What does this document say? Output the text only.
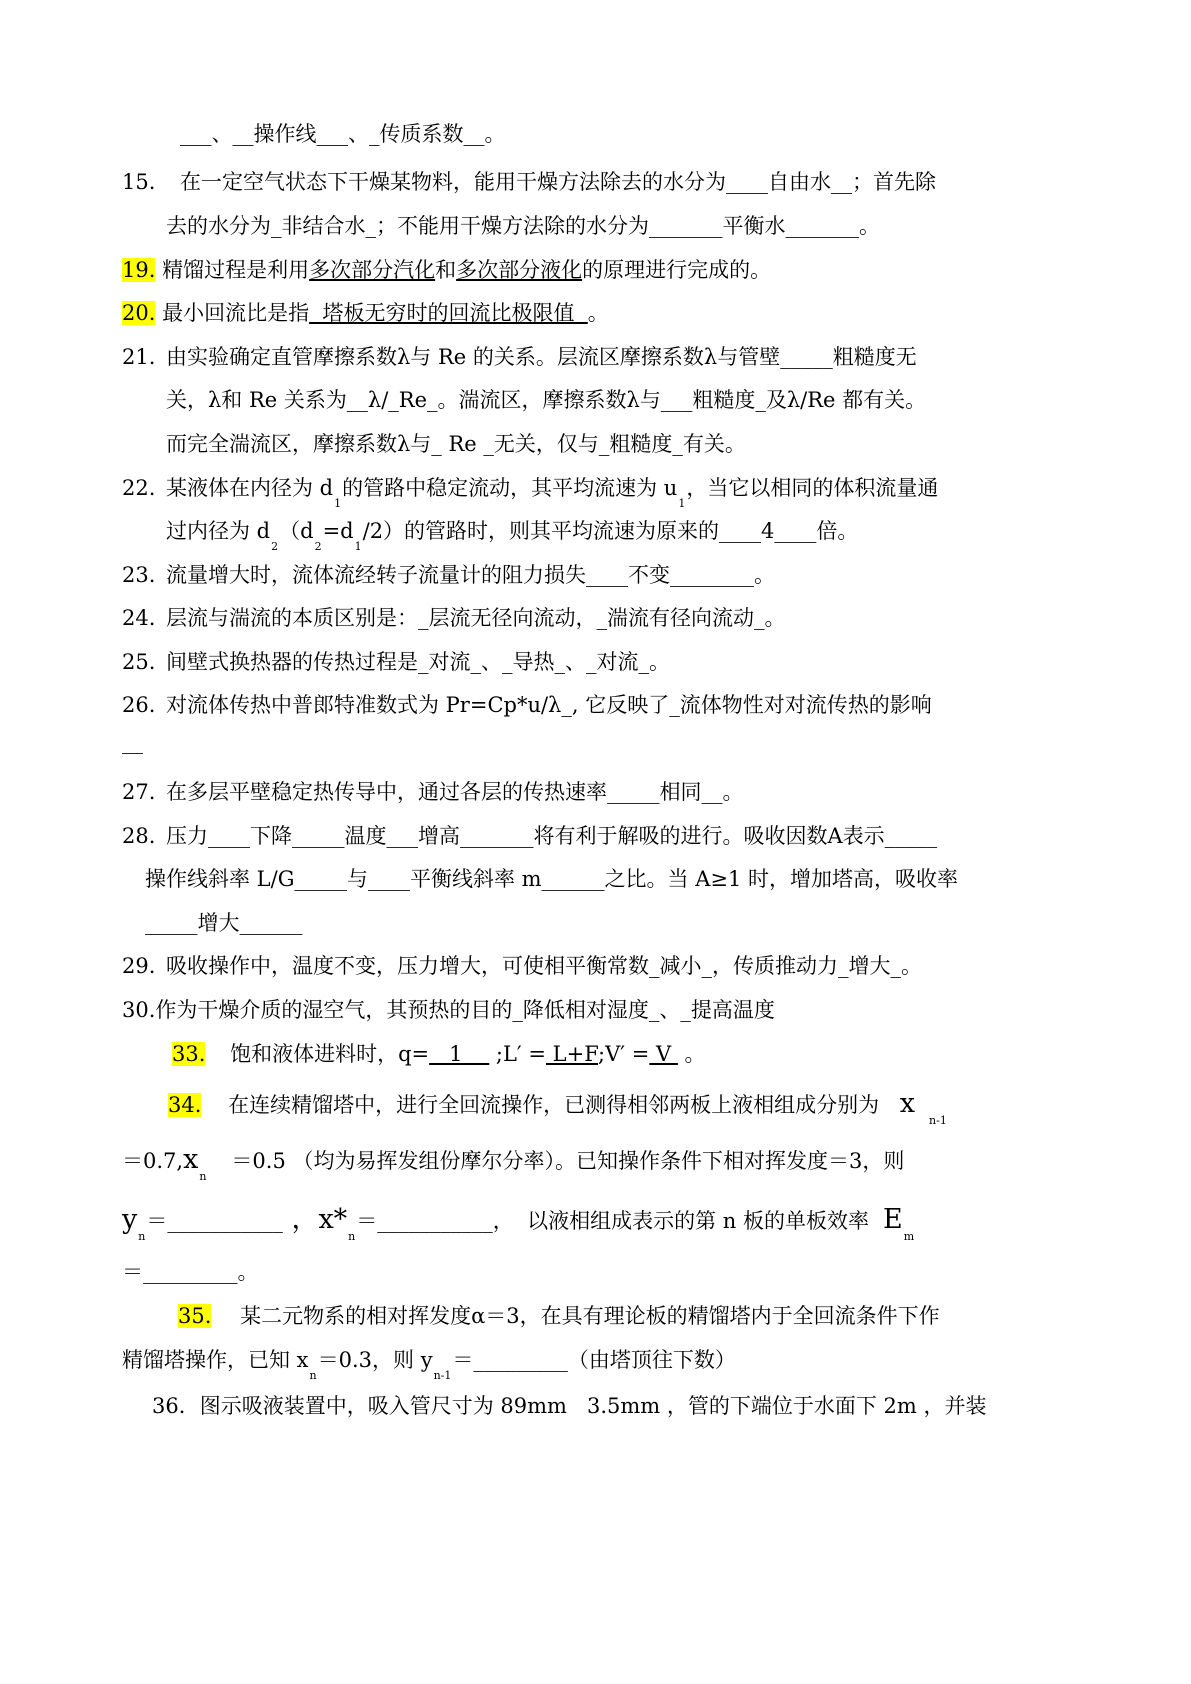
___、__操作线___、_传质系数__。
15. 在一定空气状态下干燥某物料，能用干燥方法除去的水分为____自由水__；首先除
去的水分为_非结合水_；不能用干燥方法除的水分为_______平衡水_______。
19. 精馏过程是利用多次部分汽化和多次部分液化的原理进行完成的。
20. 最小回流比是指  塔板无穷时的回流比极限值  。
21. 由实验确定直管摩擦系数λ与 Re 的关系。层流区摩擦系数λ与管壁_____粗糙度无
关，λ和 Re 关系为__λ/_Re_。湍流区，摩擦系数λ与___粗糙度_及λ/Re 都有关。
而完全湍流区，摩擦系数λ与_ Re _无关，仅与_粗糙度_有关。
22. 某液体在内径为 $d_1$的管路中稳定流动，其平均流速为 $u_1$，当它以相同的体积流量通
过内径为 $d_2(d_2=d_1/2)$的管路时，则其平均流速为原来的____4____倍。
23. 流量增大时，流体流经转子流量计的阻力损失____不变________。
24. 层流与湍流的本质区别是：_层流无径向流动，_湍流有径向流动_。
25. 间壁式换热器的传热过程是_对流_、_导热_、_对流_。
26. 对流体传热中普郎特准数式为 Pr=Cp*u/λ_, 它反映了_流体物性对对流传热的影响
__
27. 在多层平壁稳定热传导中，通过各层的传热速率_____相同__。
28. 压力____下降_____温度___增高_______将有利于解吸的进行。吸收因数A表示_____
操作线斜率 L/G_____与____平衡线斜率 m______之比。当 A≥1 时，增加塔高，吸收率
_____增大______
29. 吸收操作中，温度不变，压力增大，可使相平衡常数_减小_，传质推动力_增大_。
30.作为干燥介质的湿空气，其预热的目的_降低相对湿度_、_提高温度
33. 饱和液体进料时，q=   1     ;L′ = L+F;V′ = V  。
34. 在连续精馏塔中，进行全回流操作，已测得相邻两板上液相组成分别为 $x_{n-1}$
$=0.7,x_n=0.5$ （均为易挥发组份摩尔分率）。已知操作条件下相对挥发度＝3，则
$y_n=\_\_\_\_\_\_\_\_\_\_\_$ ，$x*_n=\_\_\_\_\_\_\_\_\_\_\_$，  以液相组成表示的第 n 板的单板效率 $E_m$
＝_________。
35. 某二元物系的相对挥发度α＝3，在具有理论板的精馏塔内于全回流条件下作
精馏塔操作，已知 $x_n=0.3$，则 $y_{n-1}=\_\_\_\_\_\_\_\_\_$（由塔顶往下数）
36．图示吸液装置中，吸入管尺寸为 89mm   3.5mm ，管的下端位于水面下 2m ，并装
